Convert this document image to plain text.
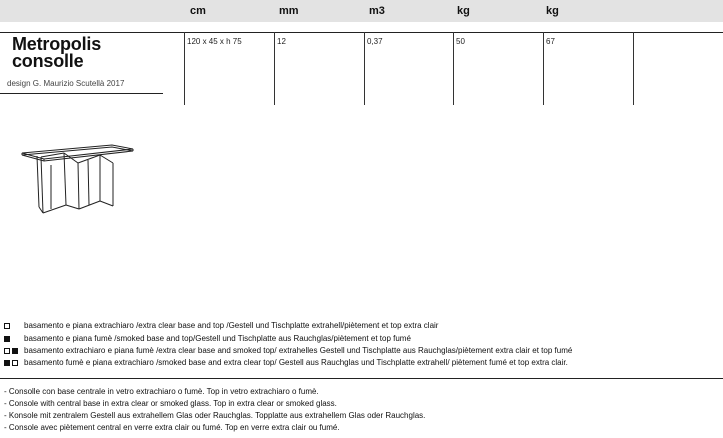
cm	mm	m3	kg	kg
Metropolis
consolle
design G. Maurizio Scutellà 2017
120 x 45 x h 75	12	0,37	50	67
basamento e piana extrachiaro /extra clear base and top /Gestell und Tischplatte extrahell/piètement et top extra clair
basamento e piana fumè /smoked base and top/Gestell und Tischplatte aus Rauchglas/piètement et top fumé
basamento extrachiaro e piana fumè /extra clear base and smoked top/ extrahelles Gestell und Tischplatte aus Rauchglas/piètement extra clair et top fumé
basamento fumè e piana extrachiaro /smoked base and extra clear top/ Gestell aus Rauchglas und Tischplatte extrahell/ piètement fumé et top extra clair.
- Consolle con base centrale in vetro extrachiaro o fumè. Top in vetro extrachiaro o fumè.
- Console with central base in extra clear or smoked glass. Top in extra clear or smoked glass.
- Konsole mit zentralem Gestell aus extrahellem Glas oder Rauchglas. Topplatte aus extrahellem Glas oder Rauchglas.
- Console avec piètement central en verre extra clair ou fumé. Top en verre extra clair ou fumé.
